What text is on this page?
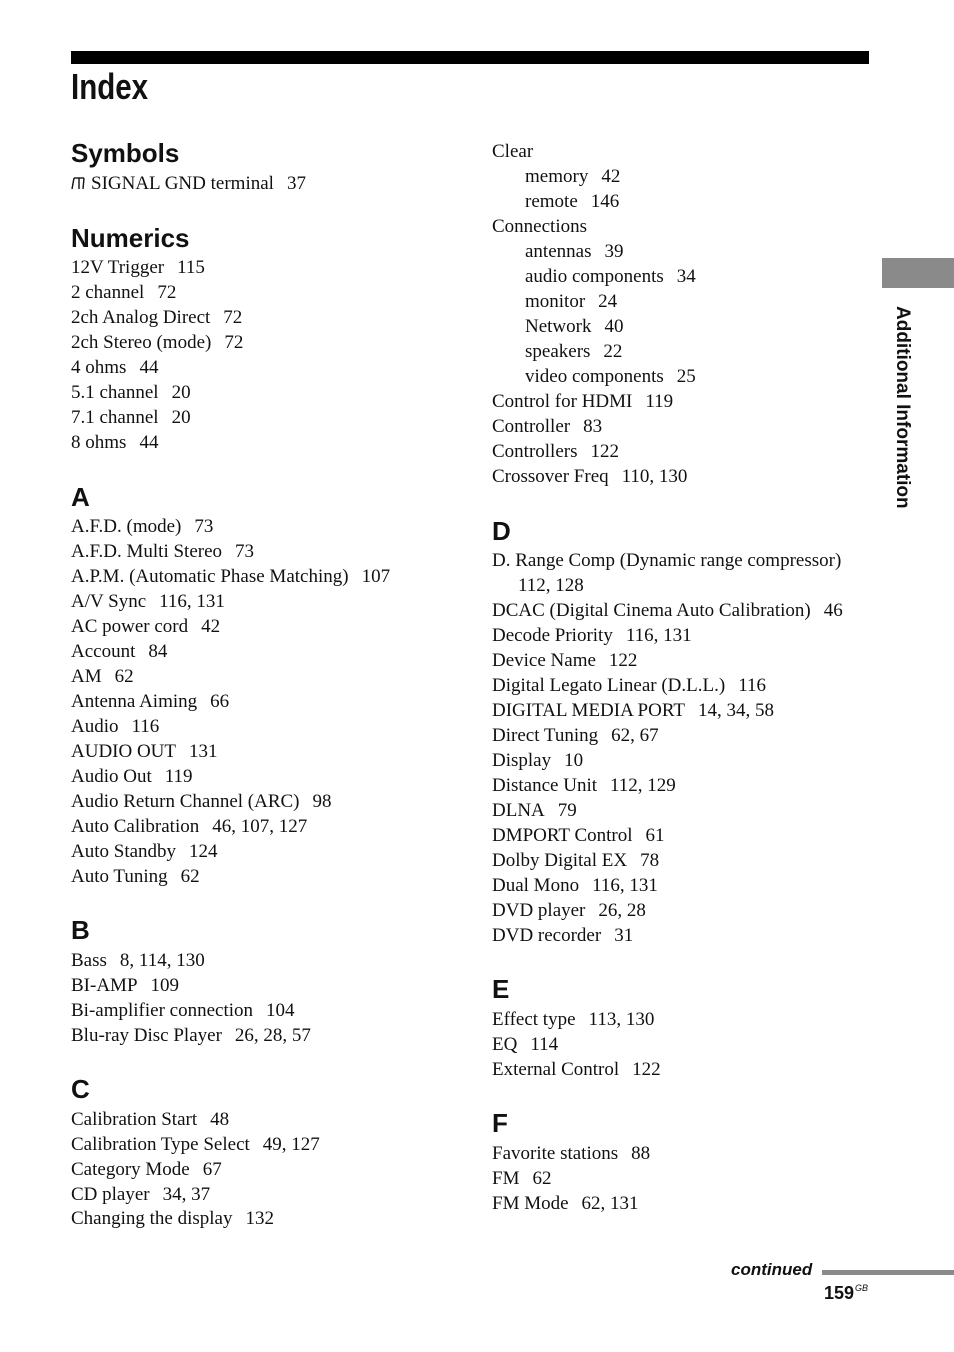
Index
Symbols
SIGNAL GND terminal 37
Numerics
12V Trigger 115
2 channel 72
2ch Analog Direct 72
2ch Stereo (mode) 72
4 ohms 44
5.1 channel 20
7.1 channel 20
8 ohms 44
A
A.F.D. (mode) 73
A.F.D. Multi Stereo 73
A.P.M. (Automatic Phase Matching) 107
A/V Sync 116, 131
AC power cord 42
Account 84
AM 62
Antenna Aiming 66
Audio 116
AUDIO OUT 131
Audio Out 119
Audio Return Channel (ARC) 98
Auto Calibration 46, 107, 127
Auto Standby 124
Auto Tuning 62
B
Bass 8, 114, 130
BI-AMP 109
Bi-amplifier connection 104
Blu-ray Disc Player 26, 28, 57
C
Calibration Start 48
Calibration Type Select 49, 127
Category Mode 67
CD player 34, 37
Changing the display 132
Clear
memory 42
remote 146
Connections
antennas 39
audio components 34
monitor 24
Network 40
speakers 22
video components 25
Control for HDMI 119
Controller 83
Controllers 122
Crossover Freq 110, 130
D
D. Range Comp (Dynamic range compressor)
112, 128
DCAC (Digital Cinema Auto Calibration) 46
Decode Priority 116, 131
Device Name 122
Digital Legato Linear (D.L.L.) 116
DIGITAL MEDIA PORT 14, 34, 58
Direct Tuning 62, 67
Display 10
Distance Unit 112, 129
DLNA 79
DMPORT Control 61
Dolby Digital EX 78
Dual Mono 116, 131
DVD player 26, 28
DVD recorder 31
E
Effect type 113, 130
EQ 114
External Control 122
F
Favorite stations 88
FM 62
FM Mode 62, 131
Additional Information
continued
$159^{GB}$
